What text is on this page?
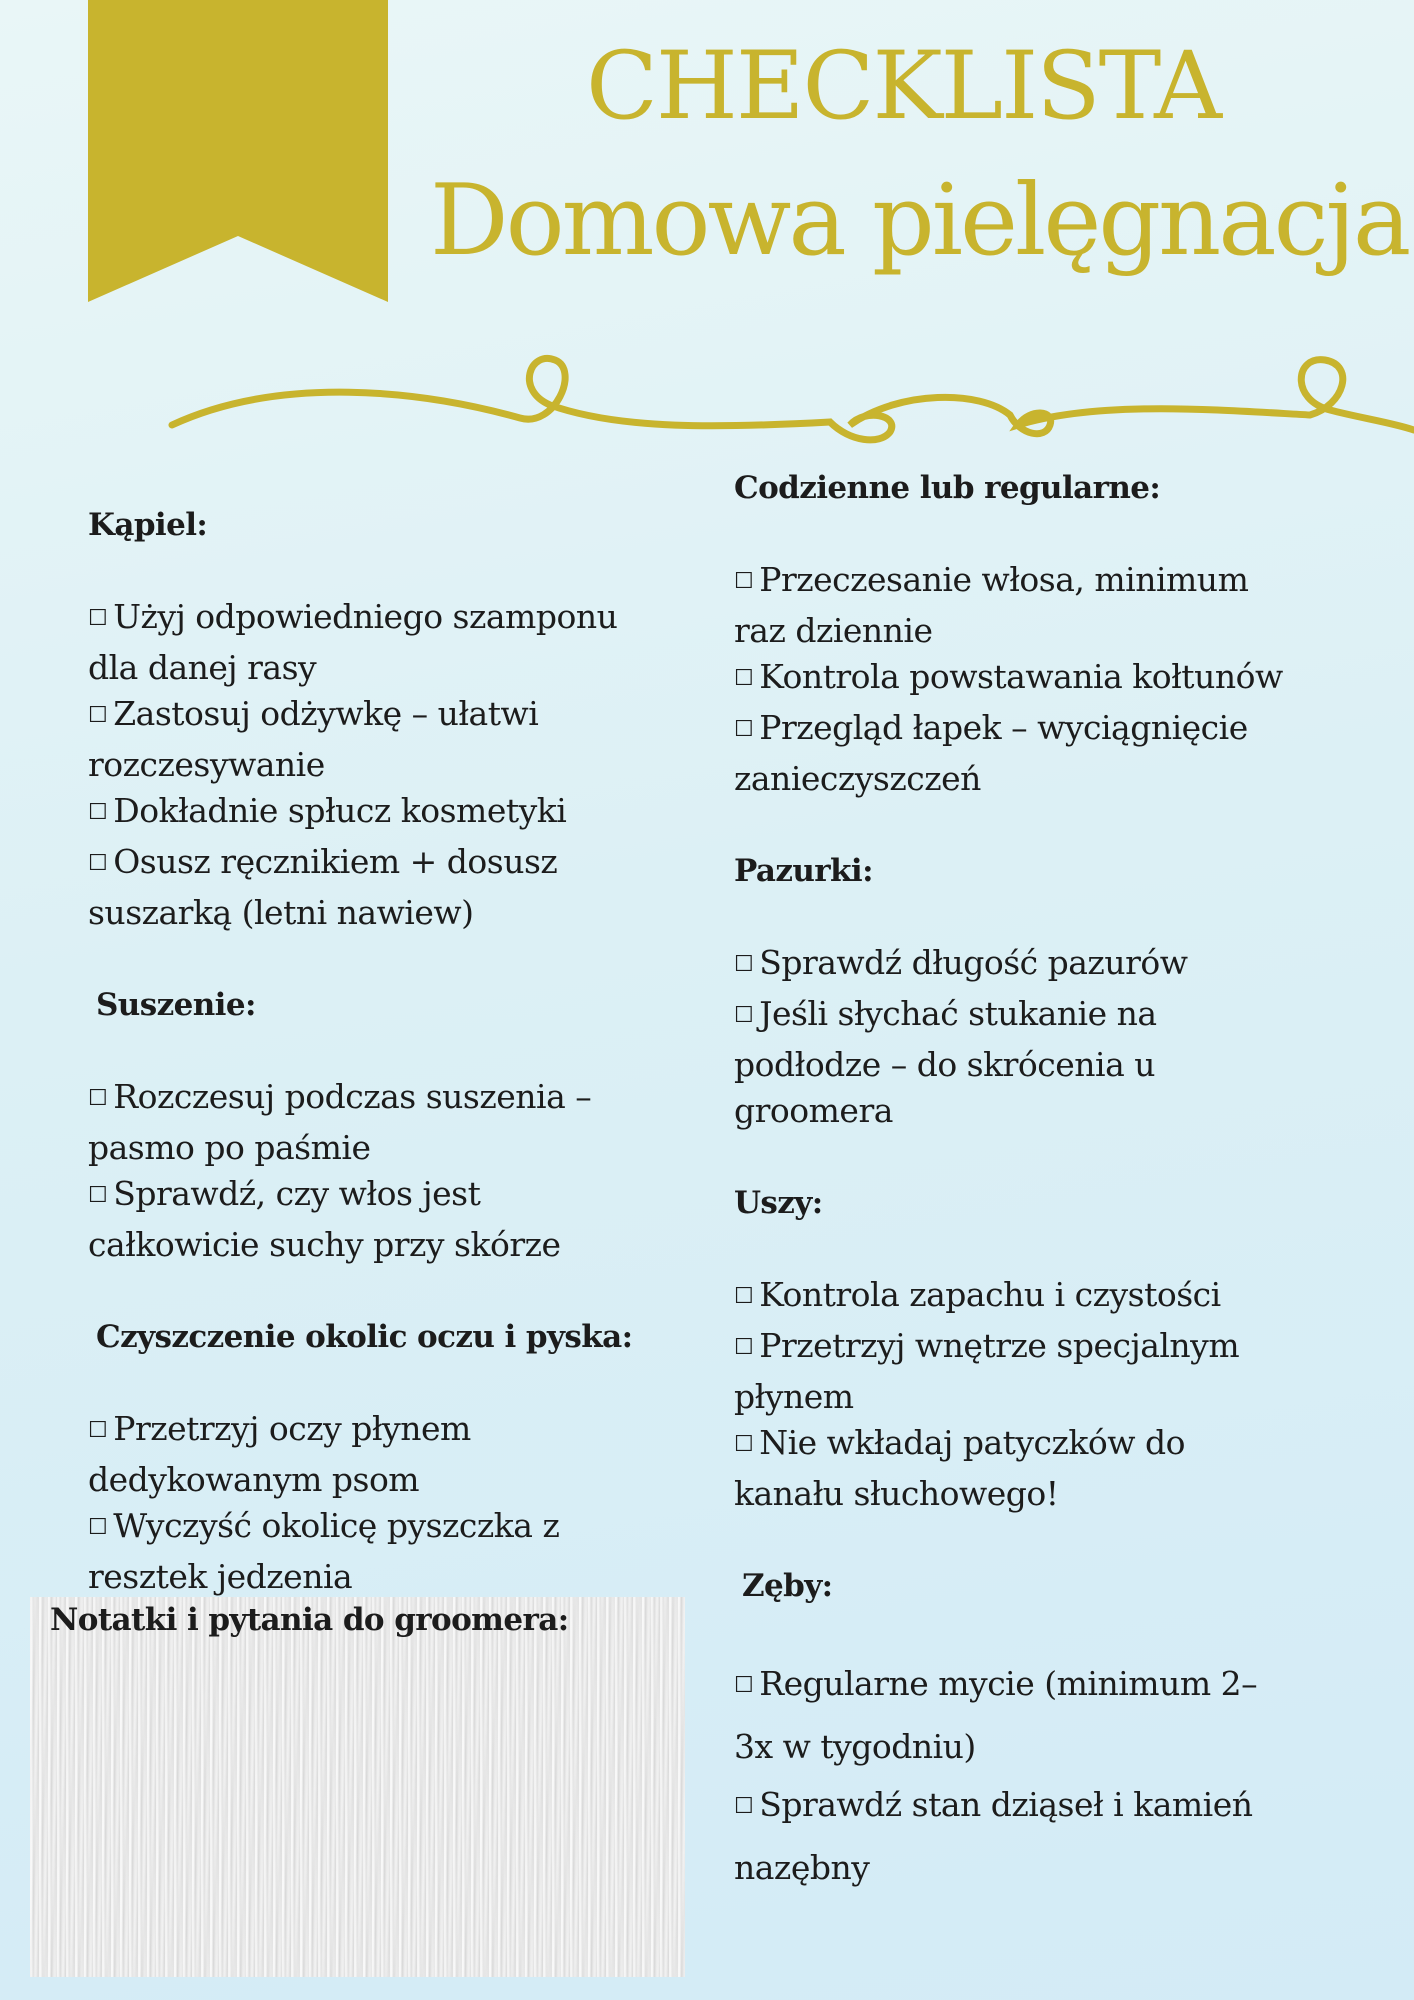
CHECKLISTA
Domowa pielęgnacja

Kąpiel:

☐ Użyj odpowiedniego szamponu dla danej rasy
☐ Zastosuj odżywkę – ułatwi rozczesywanie
☐ Dokładnie spłucz kosmetyki
☐ Osusz ręcznikiem + dosusz suszarką (letni nawiew)

Suszenie:

☐ Rozczesuj podczas suszenia – pasmo po paśmie
☐ Sprawdź, czy włos jest całkowicie suchy przy skórze

Czyszczenie okolic oczu i pyska:

☐ Przetrzyj oczy płynem dedykowanym psom
☐ Wyczyść okolicę pyszczka z resztek jedzenia

Codzienne lub regularne:

☐ Przeczesanie włosa, minimum raz dziennie
☐ Kontrola powstawania kołtunów
☐ Przegląd łapek – wyciągnięcie zanieczyszczeń

Pazurki:

☐ Sprawdź długość pazurów
☐ Jeśli słychać stukanie na podłodze – do skrócenia u groomera

Uszy:

☐ Kontrola zapachu i czystości
☐ Przetrzyj wnętrze specjalnym płynem
☐ Nie wkładaj patyczków do kanału słuchowego!

Zęby:

☐ Regularne mycie (minimum 2–3x w tygodniu)
☐ Sprawdź stan dziąseł i kamień nazębny

Notatki i pytania do groomera:
